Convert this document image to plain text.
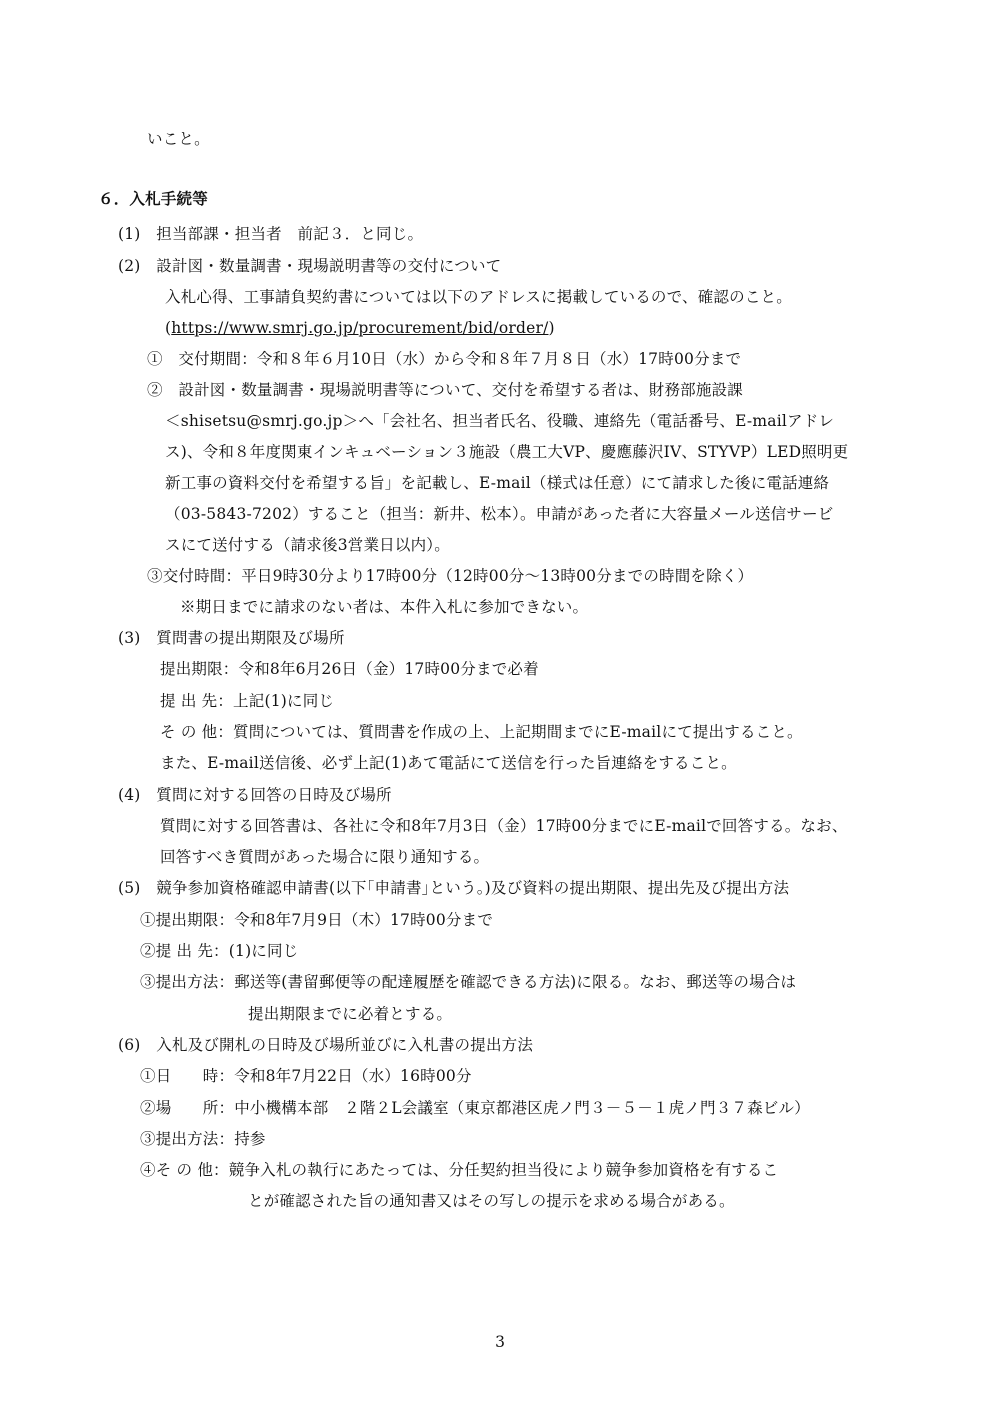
いこと。
６．入札手続等
(1)　担当部課・担当者　前記３．と同じ。
(2)　設計図・数量調書・現場説明書等の交付について
入札心得、工事請負契約書については以下のアドレスに掲載しているので、確認のこと。
(https://www.smrj.go.jp/procurement/bid/order/)
①　交付期間：令和８年６月10日（水）から令和８年７月８日（水）17時00分まで
②　設計図・数量調書・現場説明書等について、交付を希望する者は、財務部施設課
＜shisetsu@smrj.go.jp＞へ「会社名、担当者氏名、役職、連絡先（電話番号、E-mailアドレ
ス)、令和８年度関東インキュベーション３施設（農工大VP、慶應藤沢IV、STYVP）LED照明更
新工事の資料交付を希望する旨」を記載し、E-mail（様式は任意）にて請求した後に電話連絡
（03-5843-7202）すること（担当：新井、松本）。申請があった者に大容量メール送信サービ
スにて送付する（請求後3営業日以内）。
③交付時間：平日9時30分より17時00分（12時00分～13時00分までの時間を除く）
※期日までに請求のない者は、本件入札に参加できない。
(3)　質問書の提出期限及び場所
提出期限：令和8年6月26日（金）17時00分まで必着
提 出 先：上記(1)に同じ
そ の 他：質問については、質問書を作成の上、上記期間までにE-mailにて提出すること。
また、E-mail送信後、必ず上記(1)あて電話にて送信を行った旨連絡をすること。
(4)　質問に対する回答の日時及び場所
質問に対する回答書は、各社に令和8年7月3日（金）17時00分までにE-mailで回答する。なお、
回答すべき質問があった場合に限り通知する。
(5)　競争参加資格確認申請書(以下｢申請書｣という。)及び資料の提出期限、提出先及び提出方法
①提出期限：令和8年7月9日（木）17時00分まで
②提 出 先：(1)に同じ
③提出方法：郵送等(書留郵便等の配達履歴を確認できる方法)に限る。なお、郵送等の場合は
提出期限までに必着とする。
(6)　入札及び開札の日時及び場所並びに入札書の提出方法
①日　　時：令和8年7月22日（水）16時00分
②場　　所：中小機構本部　２階２L会議室（東京都港区虎ノ門３－５－１虎ノ門３７森ビル）
③提出方法：持参
④そ の 他：競争入札の執行にあたっては、分任契約担当役により競争参加資格を有するこ
とが確認された旨の通知書又はその写しの提示を求める場合がある。
3
